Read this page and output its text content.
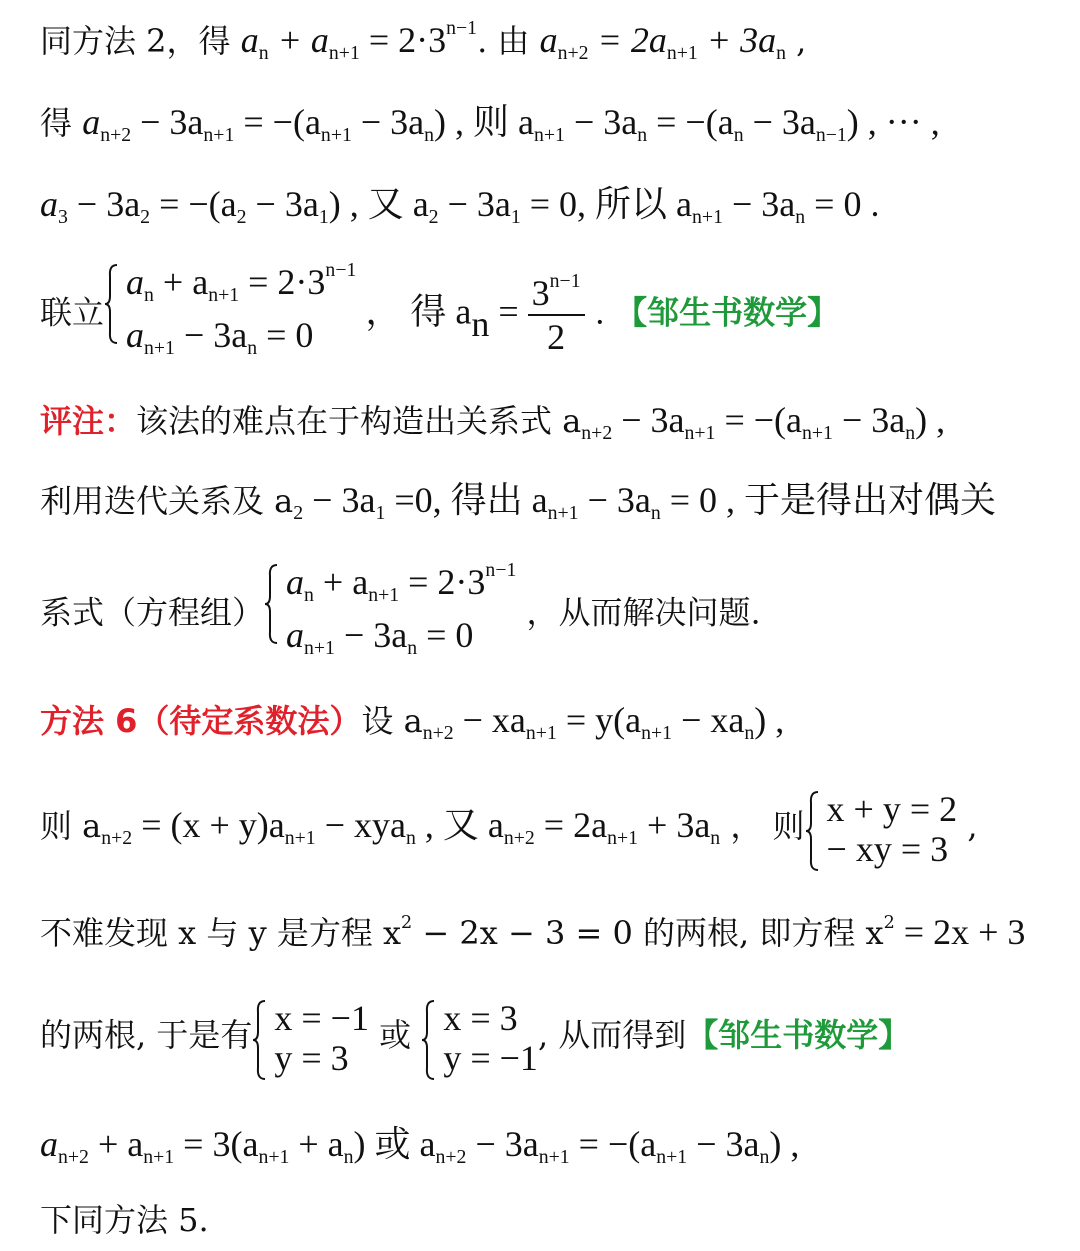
同方法 2，得 $a_n + a_{n+1} = 2\cdot 3^{n-1}$. 由 $a_{n+2} = 2a_{n+1} + 3a_n$ ,
得 $a_{n+2} - 3a_{n+1} = -(a_{n+1} - 3a_n)$ , 则 $a_{n+1} - 3a_n = -(a_n - 3a_{n-1})$ , ··· ,
$a_3 - 3a_2 = -(a_2 - 3a_1)$ , 又 $a_2 - 3a_1 = 0$, 所以 $a_{n+1} - 3a_n = 0$ .
联立
$a_n + a_{n+1} = 2\cdot 3^{n-1}$
$a_{n+1} - 3a_n = 0$
， 得 $a_n = \frac{3^{n-1}}{2}$ . 【邹生书数学】
评注：该法的难点在于构造出关系式 $a_{n+2} - 3a_{n+1} = -(a_{n+1} - 3a_n)$ ,
利用迭代关系及 $a_2 - 3a_1 =0$, 得出 $a_{n+1} - 3a_n = 0$ , 于是得出对偶关
系式（方程组）
$a_n + a_{n+1} = 2\cdot 3^{n-1}$
$a_{n+1} - 3a_n = 0$
，从而解决问题.
方法 6（待定系数法）设 $a_{n+2} - xa_{n+1} = y(a_{n+1} - xa_n)$ ,
则 $a_{n+2} = (x + y)a_{n+1} - xya_n$ , 又 $a_{n+2} = 2a_{n+1} + 3a_n$ ， 则 x + y = 2
− xy = 3
,
不难发现 x 与 y 是方程 $x^2 - 2x - 3 = 0$ 的两根, 即方程 $x^2 = 2x + 3$
的两根, 于是有 x = −1
y = 3
或 x = 3
y = −1
, 从而得到【邹生书数学】
$a_{n+2} + a_{n+1} = 3(a_{n+1} + a_n)$ 或 $a_{n+2} - 3a_{n+1} = -(a_{n+1} - 3a_n)$ ,
下同方法 5.
